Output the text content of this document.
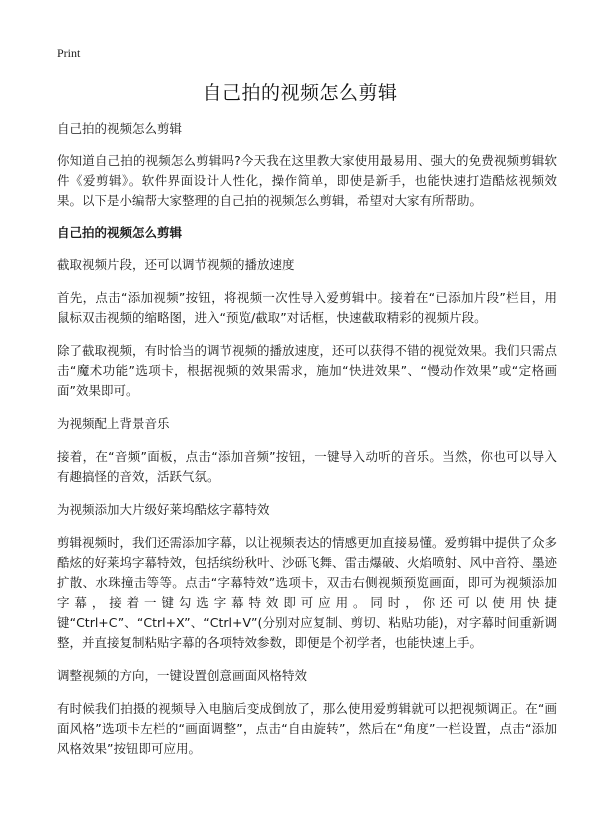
Print
自己拍的视频怎么剪辑

自己拍的视频怎么剪辑

你知道自己拍的视频怎么剪辑吗?今天我在这里教大家使用最易用、强大的免费视频剪辑软件《爱剪辑》。软件界面设计人性化，操作简单，即使是新手，也能快速打造酷炫视频效果。以下是小编帮大家整理的自己拍的视频怎么剪辑，希望对大家有所帮助。

自己拍的视频怎么剪辑

截取视频片段，还可以调节视频的播放速度

首先，点击“添加视频”按钮，将视频一次性导入爱剪辑中。接着在“已添加片段”栏目，用鼠标双击视频的缩略图，进入“预览/截取”对话框，快速截取精彩的视频片段。

除了截取视频，有时恰当的调节视频的播放速度，还可以获得不错的视觉效果。我们只需点击“魔术功能”选项卡，根据视频的效果需求，施加“快进效果”、“慢动作效果”或“定格画面”效果即可。

为视频配上背景音乐

接着，在“音频”面板，点击“添加音频”按钮，一键导入动听的音乐。当然，你也可以导入有趣搞怪的音效，活跃气氛。

为视频添加大片级好莱坞酷炫字幕特效

剪辑视频时，我们还需添加字幕，以让视频表达的情感更加直接易懂。爱剪辑中提供了众多酷炫的好莱坞字幕特效，包括缤纷秋叶、沙砾飞舞、雷击爆破、火焰喷射、风中音符、墨迹扩散、水珠撞击等等。点击“字幕特效”选项卡，双击右侧视频预览画面，即可为视频添加字幕，接着一键勾选字幕特效即可应用。同时，你还可以使用快捷键“Ctrl+C”、“Ctrl+X”、“Ctrl+V”(分别对应复制、剪切、粘贴功能)，对字幕时间重新调整，并直接复制粘贴字幕的各项特效参数，即便是个初学者，也能快速上手。

调整视频的方向，一键设置创意画面风格特效

有时候我们拍摄的视频导入电脑后变成倒放了，那么使用爱剪辑就可以把视频调正。在“画面风格”选项卡左栏的“画面调整”，点击“自由旋转”，然后在“角度”一栏设置，点击“添加风格效果”按钮即可应用。
